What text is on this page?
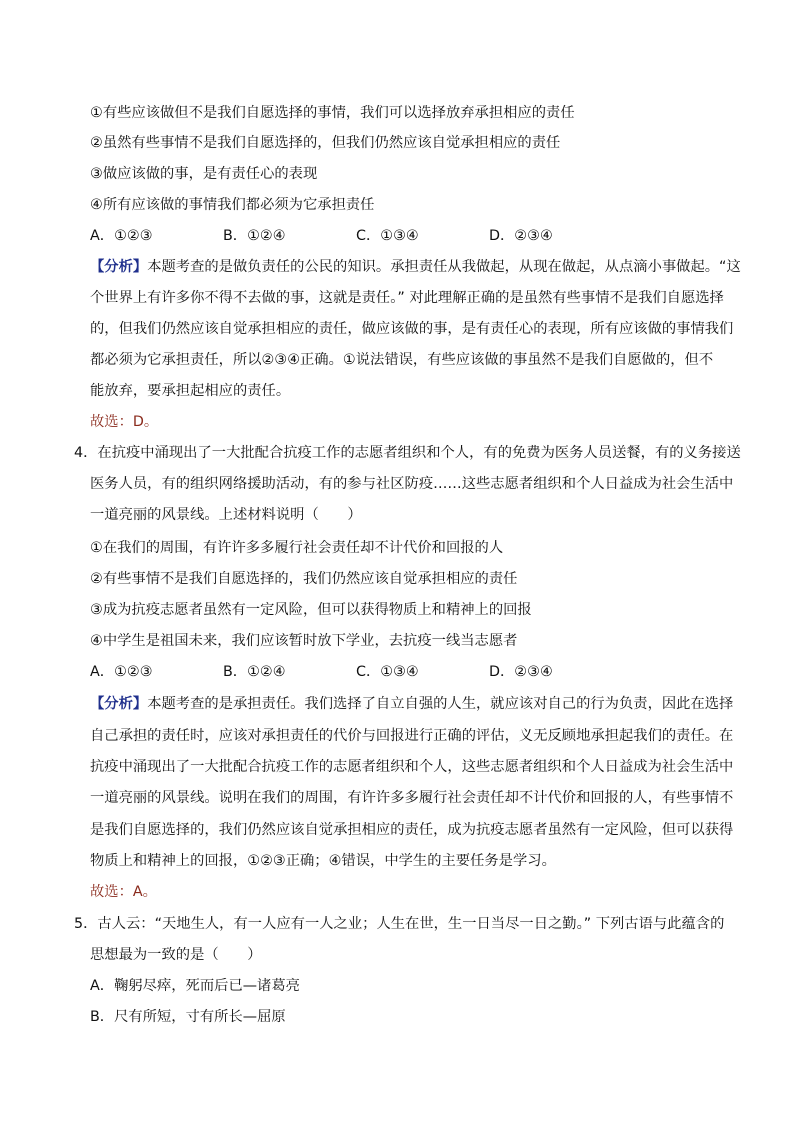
①有些应该做但不是我们自愿选择的事情，我们可以选择放弃承担相应的责任
②虽然有些事情不是我们自愿选择的，但我们仍然应该自觉承担相应的责任
③做应该做的事，是有责任心的表现
④所有应该做的事情我们都必须为它承担责任
A．①②③	B．①②④	C．①③④	D．②③④
【分析】本题考查的是做负责任的公民的知识。承担责任从我做起，从现在做起，从点滴小事做起。“这
个世界上有许多你不得不去做的事，这就是责任。” 对此理解正确的是虽然有些事情不是我们自愿选择
的，但我们仍然应该自觉承担相应的责任，做应该做的事，是有责任心的表现，所有应该做的事情我们
都必须为它承担责任，所以②③④正确。①说法错误，有些应该做的事虽然不是我们自愿做的，但不
能放弃，要承担起相应的责任。
故选：D。
4．在抗疫中涌现出了一大批配合抗疫工作的志愿者组织和个人，有的免费为医务人员送餐，有的义务接送
医务人员，有的组织网络援助活动，有的参与社区防疫……这些志愿者组织和个人日益成为社会生活中
一道亮丽的风景线。上述材料说明（　　）
①在我们的周围，有许许多多履行社会责任却不计代价和回报的人
②有些事情不是我们自愿选择的，我们仍然应该自觉承担相应的责任
③成为抗疫志愿者虽然有一定风险，但可以获得物质上和精神上的回报
④中学生是祖国未来，我们应该暂时放下学业，去抗疫一线当志愿者
A．①②③	B．①②④	C．①③④	D．②③④
【分析】本题考查的是承担责任。我们选择了自立自强的人生，就应该对自己的行为负责，因此在选择
自己承担的责任时，应该对承担责任的代价与回报进行正确的评估，义无反顾地承担起我们的责任。在
抗疫中涌现出了一大批配合抗疫工作的志愿者组织和个人，这些志愿者组织和个人日益成为社会生活中
一道亮丽的风景线。说明在我们的周围，有许许多多履行社会责任却不计代价和回报的人，有些事情不
是我们自愿选择的，我们仍然应该自觉承担相应的责任，成为抗疫志愿者虽然有一定风险，但可以获得
物质上和精神上的回报，①②③正确；④错误，中学生的主要任务是学习。
故选：A。
5．古人云：“天地生人，有一人应有一人之业；人生在世，生一日当尽一日之勤。” 下列古语与此蕴含的
思想最为一致的是（　　）
A．鞠躬尽瘁，死而后已—诸葛亮
B．尺有所短，寸有所长—屈原
